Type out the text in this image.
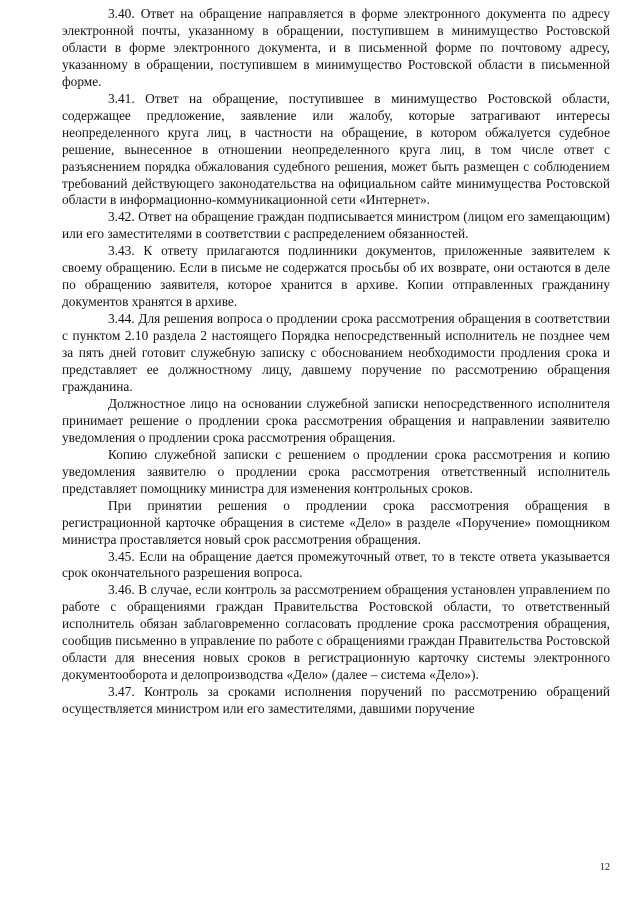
3.40. Ответ на обращение направляется в форме электронного документа по адресу электронной почты, указанному в обращении, поступившем в минимущество Ростовской области в форме электронного документа, и в письменной форме по почтовому адресу, указанному в обращении, поступившем в минимущество Ростовской области в письменной форме.

3.41. Ответ на обращение, поступившее в минимущество Ростовской области, содержащее предложение, заявление или жалобу, которые затрагивают интересы неопределенного круга лиц, в частности на обращение, в котором обжалуется судебное решение, вынесенное в отношении неопределенного круга лиц, в том числе ответ с разъяснением порядка обжалования судебного решения, может быть размещен с соблюдением требований действующего законодательства на официальном сайте минимущества Ростовской области в информационно-коммуникационной сети «Интернет».

3.42. Ответ на обращение граждан подписывается министром (лицом его замещающим) или его заместителями в соответствии с распределением обязанностей.

3.43. К ответу прилагаются подлинники документов, приложенные заявителем к своему обращению. Если в письме не содержатся просьбы об их возврате, они остаются в деле по обращению заявителя, которое хранится в архиве. Копии отправленных гражданину документов хранятся в архиве.

3.44. Для решения вопроса о продлении срока рассмотрения обращения в соответствии с пунктом 2.10 раздела 2 настоящего Порядка непосредственный исполнитель не позднее чем за пять дней готовит служебную записку с обоснованием необходимости продления срока и представляет ее должностному лицу, давшему поручение по рассмотрению обращения гражданина.

Должностное лицо на основании служебной записки непосредственного исполнителя принимает решение о продлении срока рассмотрения обращения и направлении заявителю уведомления о продлении срока рассмотрения обращения.

Копию служебной записки с решением о продлении срока рассмотрения и копию уведомления заявителю о продлении срока рассмотрения ответственный исполнитель представляет помощнику министра для изменения контрольных сроков.

При принятии решения о продлении срока рассмотрения обращения в регистрационной карточке обращения в системе «Дело» в разделе «Поручение» помощником министра проставляется новый срок рассмотрения обращения.

3.45. Если на обращение дается промежуточный ответ, то в тексте ответа указывается срок окончательного разрешения вопроса.

3.46. В случае, если контроль за рассмотрением обращения установлен управлением по работе с обращениями граждан Правительства Ростовской области, то ответственный исполнитель обязан заблаговременно согласовать продление срока рассмотрения обращения, сообщив письменно в управление по работе с обращениями граждан Правительства Ростовской области для внесения новых сроков в регистрационную карточку системы электронного документооборота и делопроизводства «Дело» (далее – система «Дело»).

3.47. Контроль за сроками исполнения поручений по рассмотрению обращений осуществляется министром или его заместителями, давшими поручение

12
